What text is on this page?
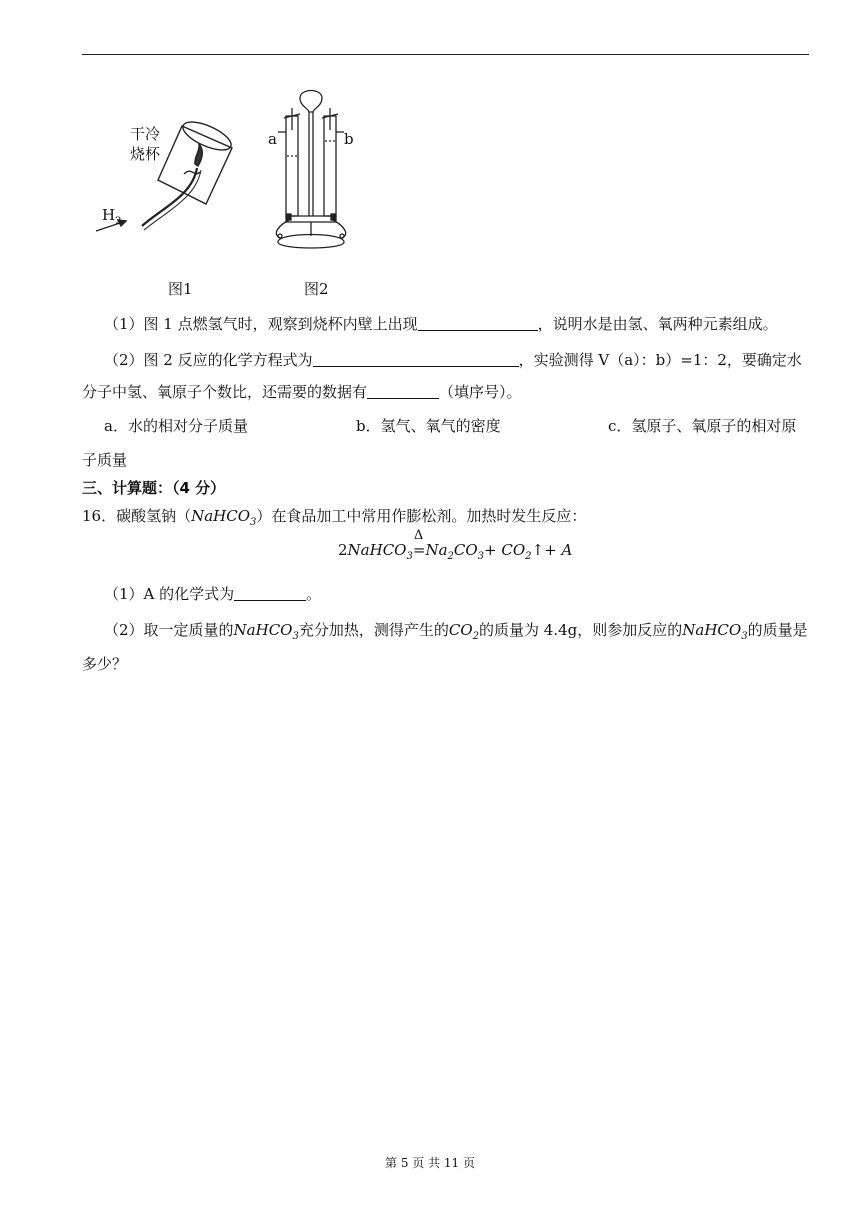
干冷
烧杯
$H_2$
a	b
图1	图2
（1）图 1 点燃氢气时，观察到烧杯内壁上出现	，说明水是由氢、氧两种元素组成。
（2）图 2 反应的化学方程式为	，实验测得 V（a）：b）=1：2，要确定水
分子中氢、氧原子个数比，还需要的数据有	（填序号）。
a．水的相对分子质量	b．氢气、氧气的密度	c．氢原子、氧原子的相对原
子质量
三、计算题：（4 分）
16．碳酸氢钠（NaHCO$_3$）在食品加工中常用作膨松剂。加热时发生反应：
2NaHCO$_3$
Δ
$=Na_2CO_3+$ $CO_2↑+ A$
（1）A 的化学式为	。
（2）取一定质量的NaHCO$_3$充分加热，测得产生的$CO_2$的质量为 4.4g，则参加反应的NaHCO$_3$的质量是
多少？
第 5 页 共 11 页
